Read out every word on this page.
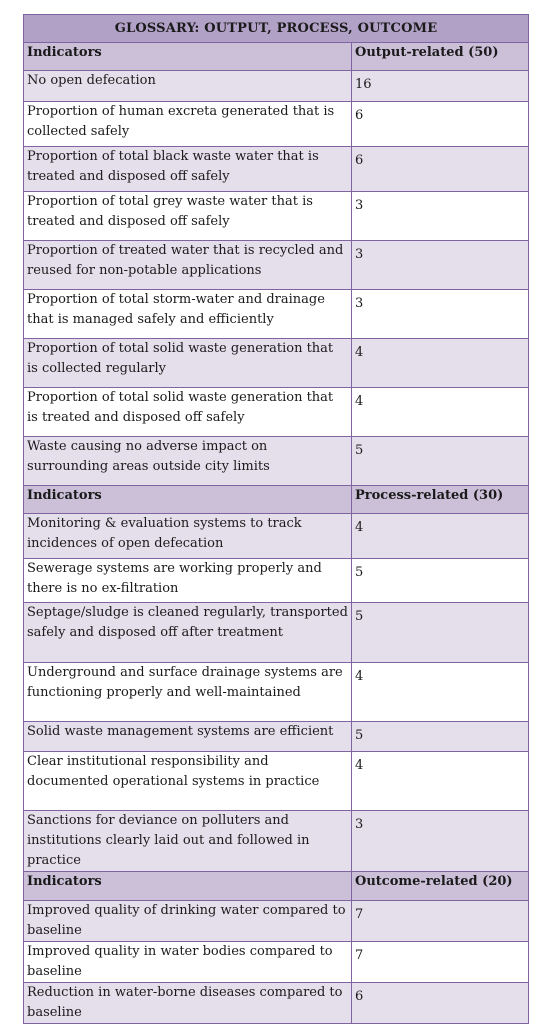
GLOSSARY: OUTPUT, PROCESS, OUTCOME	
Indicators	Output-related (50)
No open defecation	16
Proportion of human excreta generated that is collected safely	6
Proportion of total black waste water that is treated and disposed off safely	6
Proportion of total grey waste water that is treated and disposed off safely	3
Proportion of treated water that is recycled and reused for non-potable applications	3
Proportion of total storm-water and drainage that is managed safely and efficiently	3
Proportion of total solid waste generation that is collected regularly	4
Proportion of total solid waste generation that is treated and disposed off safely	4
Waste causing no adverse impact on surrounding areas outside city limits	5
Indicators	Process-related (30)
Monitoring & evaluation systems to track incidences of open defecation	4
Sewerage systems are working properly and there is no ex-filtration	5
Septage/sludge is cleaned regularly, transported safely and disposed off after treatment	5
Underground and surface drainage systems are functioning properly and well-maintained	4
Solid waste management systems are efficient	5
Clear institutional responsibility and documented operational systems in practice	4
Sanctions for deviance on polluters and institutions clearly laid out and followed in practice	3
Indicators	Outcome-related (20)
Improved quality of drinking water compared to baseline	7
Improved quality in water bodies compared to baseline	7
Reduction in water-borne diseases compared to baseline	6
